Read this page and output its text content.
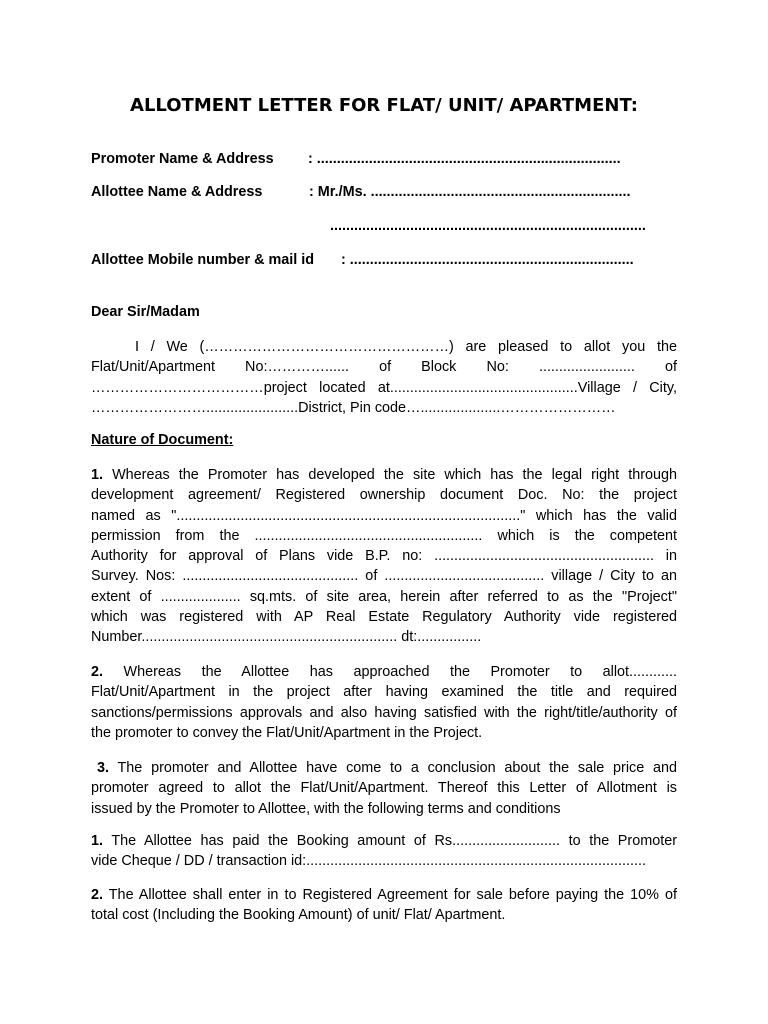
ALLOTMENT LETTER FOR FLAT/ UNIT/ APARTMENT:
Promoter Name & Address : ............................................................................
Allottee Name & Address	: Mr./Ms. .................................................................
...............................................................................
Allottee Mobile number & mail id : .......................................................................
Dear Sir/Madam
I / We (……………………………………………) are pleased to allot you the
Flat/Unit/Apartment No:…………...... of Block No: ........................ of
………………………………project located at...............................................Village / City,
…………………….......................District, Pin code…....................……………………
Nature of Document:
1. Whereas the Promoter has developed the site which has the legal right through
development agreement/ Registered ownership document Doc. No: the project
named as "......................................................................................" which has the valid
permission from the ......................................................... which is the competent
Authority for approval of Plans vide B.P. no: ....................................................... in
Survey. Nos: ............................................ of ........................................ village / City to an
extent of .................... sq.mts. of site area, herein after referred to as the "Project"
which was registered with AP Real Estate Regulatory Authority vide registered
Number................................................................ dt:................
2. Whereas the Allottee has approached the Promoter to allot............
Flat/Unit/Apartment in the project after having examined the title and required
sanctions/permissions approvals and also having satisfied with the right/title/authority of
the promoter to convey the Flat/Unit/Apartment in the Project.
3. The promoter and Allottee have come to a conclusion about the sale price and
promoter agreed to allot the Flat/Unit/Apartment. Thereof this Letter of Allotment is
issued by the Promoter to Allottee, with the following terms and conditions
1. The Allottee has paid the Booking amount of Rs........................... to the Promoter
vide Cheque / DD / transaction id:.....................................................................................
2. The Allottee shall enter in to Registered Agreement for sale before paying the 10% of
total cost (Including the Booking Amount) of unit/ Flat/ Apartment.
